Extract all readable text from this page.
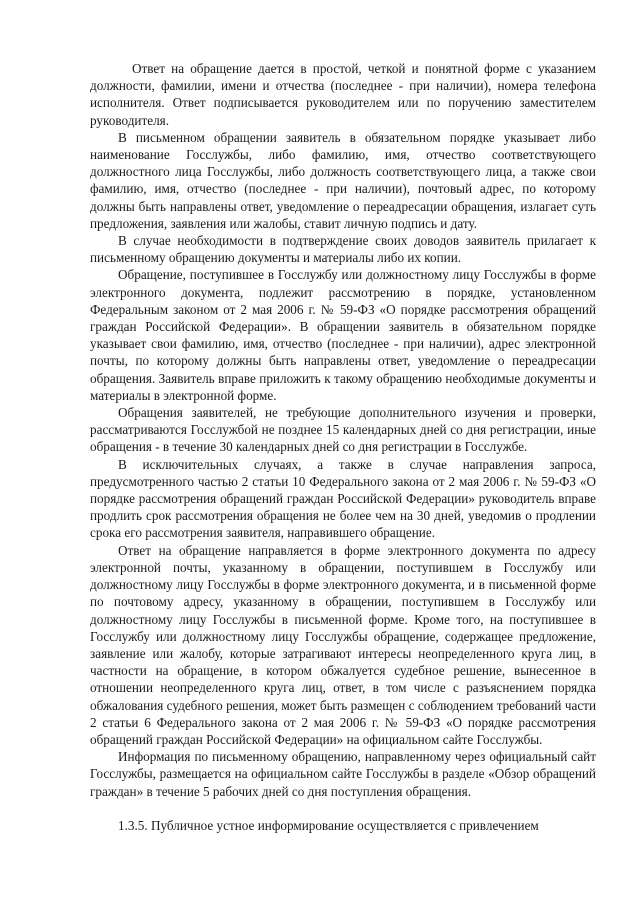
Ответ на обращение дается в простой, четкой и понятной форме с указанием должности, фамилии, имени и отчества (последнее - при наличии), номера телефона исполнителя. Ответ подписывается руководителем или по поручению заместителем руководителя.

В письменном обращении заявитель в обязательном порядке указывает либо наименование Госслужбы, либо фамилию, имя, отчество соответствующего должностного лица Госслужбы, либо должность соответствующего лица, а также свои фамилию, имя, отчество (последнее - при наличии), почтовый адрес, по которому должны быть направлены ответ, уведомление о переадресации обращения, излагает суть предложения, заявления или жалобы, ставит личную подпись и дату.

В случае необходимости в подтверждение своих доводов заявитель прилагает к письменному обращению документы и материалы либо их копии.

Обращение, поступившее в Госслужбу или должностному лицу Госслужбы в форме электронного документа, подлежит рассмотрению в порядке, установленном Федеральным законом от 2 мая 2006 г. № 59-ФЗ «О порядке рассмотрения обращений граждан Российской Федерации». В обращении заявитель в обязательном порядке указывает свои фамилию, имя, отчество (последнее - при наличии), адрес электронной почты, по которому должны быть направлены ответ, уведомление о переадресации обращения. Заявитель вправе приложить к такому обращению необходимые документы и материалы в электронной форме.

Обращения заявителей, не требующие дополнительного изучения и проверки, рассматриваются Госслужбой не позднее 15 календарных дней со дня регистрации, иные обращения - в течение 30 календарных дней со дня регистрации в Госслужбе.

В исключительных случаях, а также в случае направления запроса, предусмотренного частью 2 статьи 10 Федерального закона от 2 мая 2006 г. № 59-ФЗ «О порядке рассмотрения обращений граждан Российской Федерации» руководитель вправе продлить срок рассмотрения обращения не более чем на 30 дней, уведомив о продлении срока его рассмотрения заявителя, направившего обращение.

Ответ на обращение направляется в форме электронного документа по адресу электронной почты, указанному в обращении, поступившем в Госслужбу или должностному лицу Госслужбы в форме электронного документа, и в письменной форме по почтовому адресу, указанному в обращении, поступившем в Госслужбу или должностному лицу Госслужбы в письменной форме. Кроме того, на поступившее в Госслужбу или должностному лицу Госслужбы обращение, содержащее предложение, заявление или жалобу, которые затрагивают интересы неопределенного круга лиц, в частности на обращение, в котором обжалуется судебное решение, вынесенное в отношении неопределенного круга лиц, ответ, в том числе с разъяснением порядка обжалования судебного решения, может быть размещен с соблюдением требований части 2 статьи 6 Федерального закона от 2 мая 2006 г. № 59-ФЗ «О порядке рассмотрения обращений граждан Российской Федерации» на официальном сайте Госслужбы.

Информация по письменному обращению, направленному через официальный сайт Госслужбы, размещается на официальном сайте Госслужбы в разделе «Обзор обращений граждан» в течение 5 рабочих дней со дня поступления обращения.

1.3.5. Публичное устное информирование осуществляется с привлечением
